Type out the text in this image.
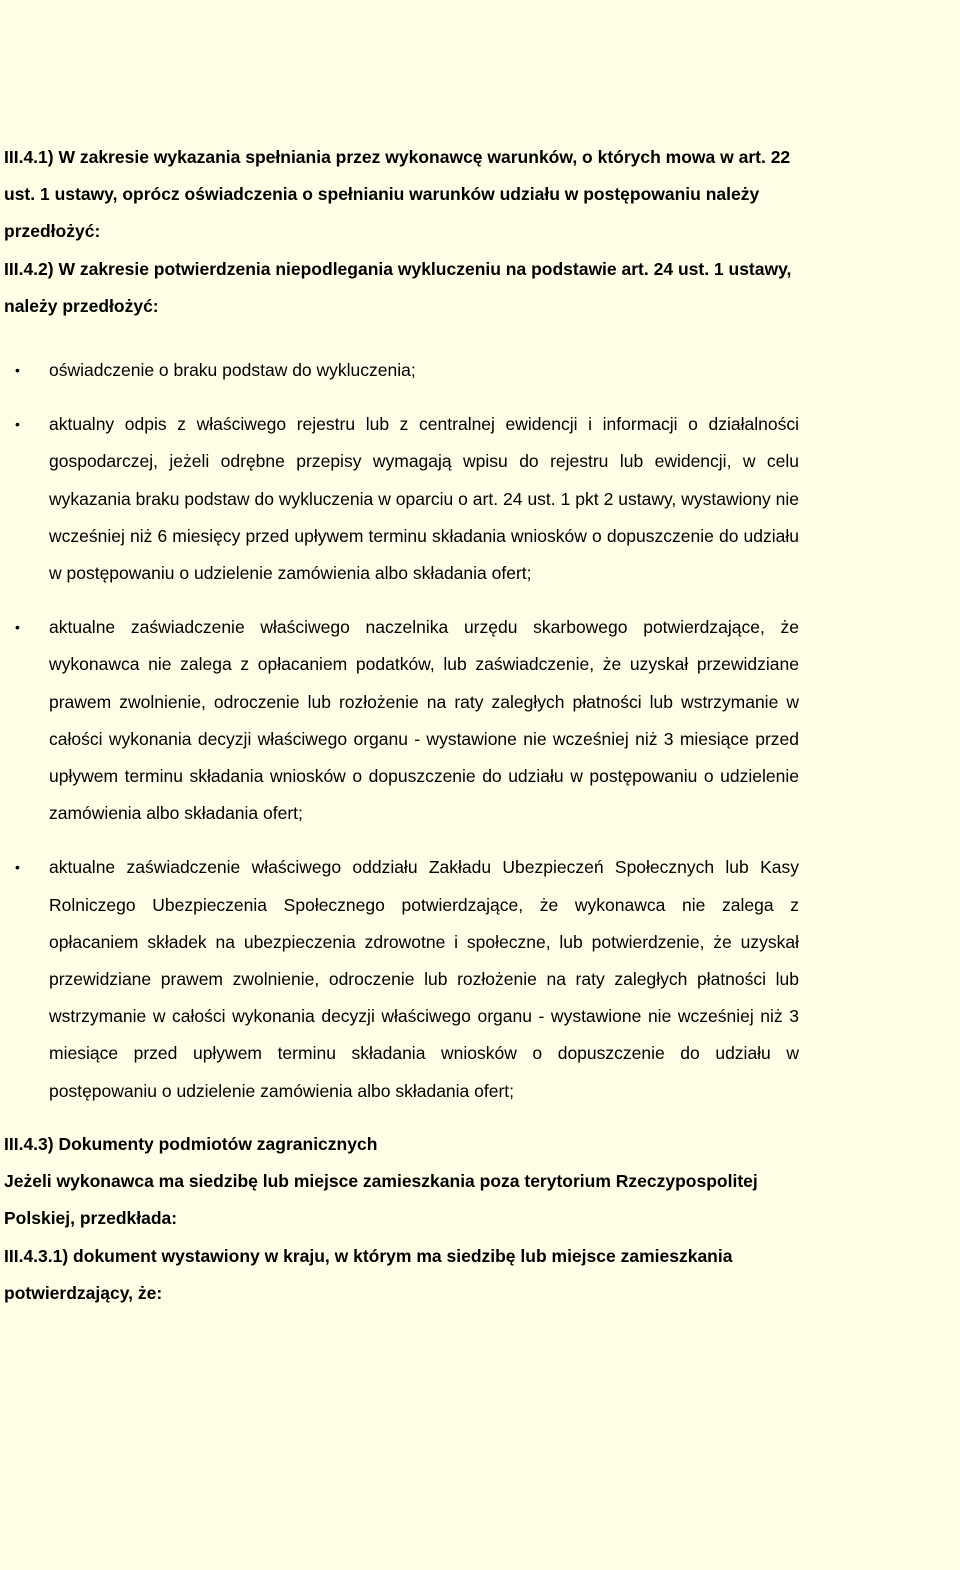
III.4.1) W zakresie wykazania spełniania przez wykonawcę warunków, o których mowa w art. 22 ust. 1 ustawy, oprócz oświadczenia o spełnianiu warunków udziału w postępowaniu należy przedłożyć:

III.4.2) W zakresie potwierdzenia niepodlegania wykluczeniu na podstawie art. 24 ust. 1 ustawy, należy przedłożyć:

• oświadczenie o braku podstaw do wykluczenia;
• aktualny odpis z właściwego rejestru lub z centralnej ewidencji i informacji o działalności gospodarczej, jeżeli odrębne przepisy wymagają wpisu do rejestru lub ewidencji, w celu wykazania braku podstaw do wykluczenia w oparciu o art. 24 ust. 1 pkt 2 ustawy, wystawiony nie wcześniej niż 6 miesięcy przed upływem terminu składania wniosków o dopuszczenie do udziału w postępowaniu o udzielenie zamówienia albo składania ofert;
• aktualne zaświadczenie właściwego naczelnika urzędu skarbowego potwierdzające, że wykonawca nie zalega z opłacaniem podatków, lub zaświadczenie, że uzyskał przewidziane prawem zwolnienie, odroczenie lub rozłożenie na raty zaległych płatności lub wstrzymanie w całości wykonania decyzji właściwego organu - wystawione nie wcześniej niż 3 miesiące przed upływem terminu składania wniosków o dopuszczenie do udziału w postępowaniu o udzielenie zamówienia albo składania ofert;
• aktualne zaświadczenie właściwego oddziału Zakładu Ubezpieczeń Społecznych lub Kasy Rolniczego Ubezpieczenia Społecznego potwierdzające, że wykonawca nie zalega z opłacaniem składek na ubezpieczenia zdrowotne i społeczne, lub potwierdzenie, że uzyskał przewidziane prawem zwolnienie, odroczenie lub rozłożenie na raty zaległych płatności lub wstrzymanie w całości wykonania decyzji właściwego organu - wystawione nie wcześniej niż 3 miesiące przed upływem terminu składania wniosków o dopuszczenie do udziału w postępowaniu o udzielenie zamówienia albo składania ofert;

III.4.3) Dokumenty podmiotów zagranicznych

Jeżeli wykonawca ma siedzibę lub miejsce zamieszkania poza terytorium Rzeczypospolitej Polskiej, przedkłada:

III.4.3.1) dokument wystawiony w kraju, w którym ma siedzibę lub miejsce zamieszkania potwierdzający, że:
